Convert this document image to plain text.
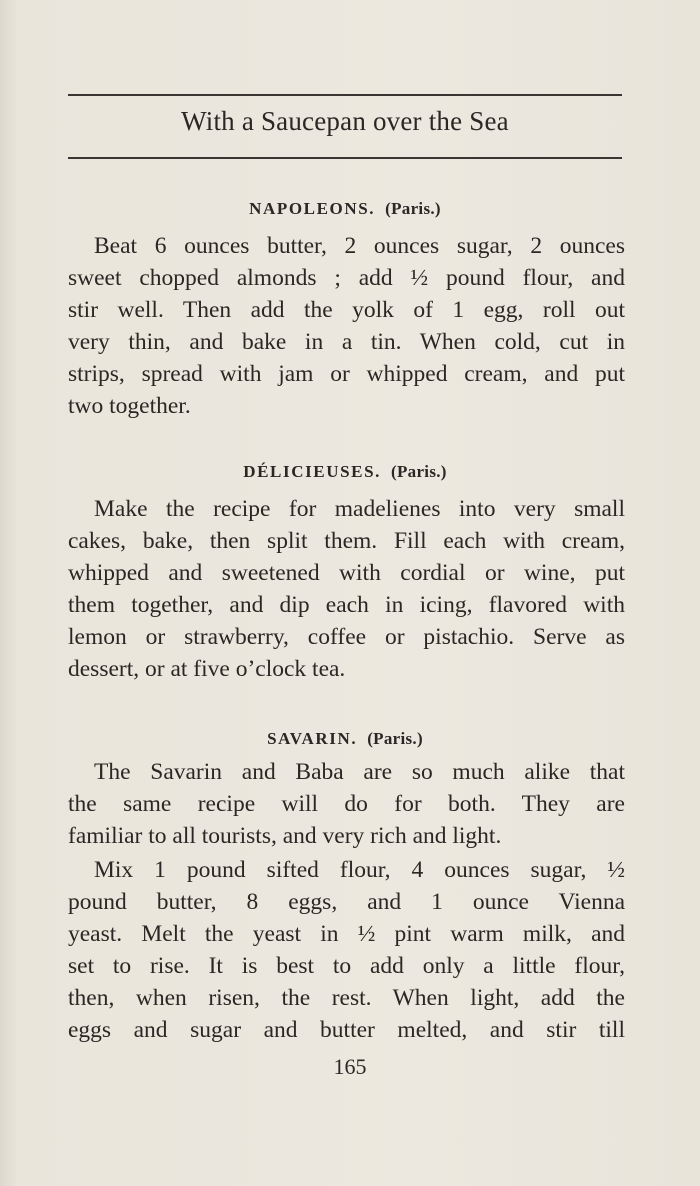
With a Saucepan over the Sea
NAPOLEONS. (Paris.)
Beat 6 ounces butter, 2 ounces sugar, 2 ounces
sweet chopped almonds ; add ½ pound flour, and
stir well. Then add the yolk of 1 egg, roll out
very thin, and bake in a tin. When cold, cut in
strips, spread with jam or whipped cream, and put
two together.
DÉLICIEUSES. (Paris.)
Make the recipe for madelienes into very small
cakes, bake, then split them. Fill each with cream,
whipped and sweetened with cordial or wine, put
them together, and dip each in icing, flavored with
lemon or strawberry, coffee or pistachio. Serve as
dessert, or at five o’clock tea.
SAVARIN. (Paris.)
The Savarin and Baba are so much alike that
the same recipe will do for both. They are
familiar to all tourists, and very rich and light.
Mix 1 pound sifted flour, 4 ounces sugar, ½
pound butter, 8 eggs, and 1 ounce Vienna
yeast. Melt the yeast in ½ pint warm milk, and
set to rise. It is best to add only a little flour,
then, when risen, the rest. When light, add the
eggs and sugar and butter melted, and stir till
165
